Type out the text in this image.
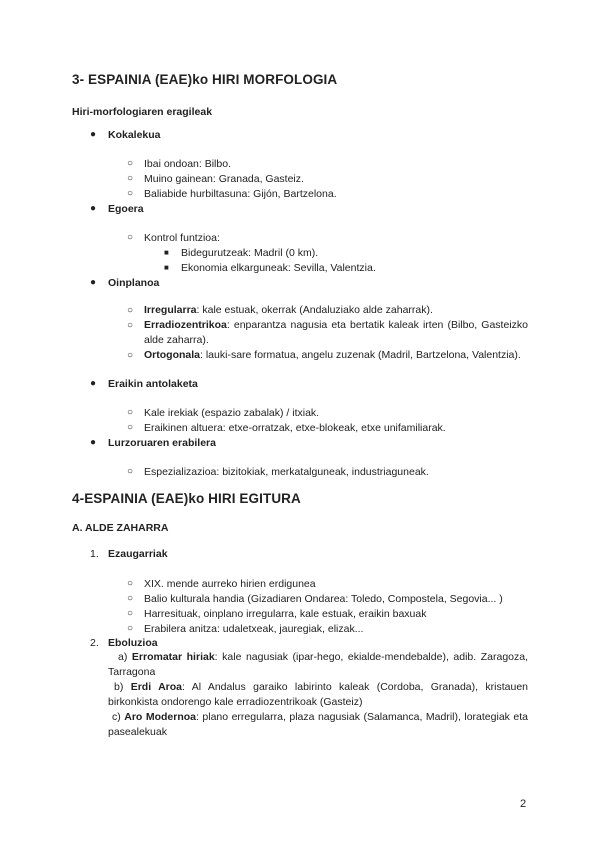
3- ESPAINIA (EAE)ko HIRI MORFOLOGIA
Hiri-morfologiaren eragileak
● Kokalekua
○ Ibai ondoan: Bilbo.
○ Muino gainean: Granada, Gasteiz.
○ Baliabide hurbiltasuna: Gijón, Bartzelona.
● Egoera
○ Kontrol funtzioa:
■ Bidegurutzeak: Madril (0 km).
■ Ekonomia elkarguneak: Sevilla, Valentzia.
● Oinplanoa
○ Irregularra: kale estuak, okerrak (Andaluziako alde zaharrak).
○ Erradiozentrikoa: enparantza nagusia eta bertatik kaleak irten (Bilbo, Gasteizko alde zaharra).
○ Ortogonala: lauki-sare formatua, angelu zuzenak (Madril, Bartzelona, Valentzia).
● Eraikin antolaketa
○ Kale irekiak (espazio zabalak) / itxiak.
○ Eraikinen altuera: etxe-orratzak, etxe-blokeak, etxe unifamiliarak.
● Lurzoruaren erabilera
○ Espezializazioa: bizitokiak, merkatalguneak, industriaguneak.
4-ESPAINIA (EAE)ko HIRI EGITURA
A. ALDE ZAHARRA
1. Ezaugarriak
○ XIX. mende aurreko hirien erdigunea
○ Balio kulturala handia (Gizadiaren Ondarea: Toledo, Compostela, Segovia... )
○ Harresituak, oinplano irregularra, kale estuak, eraikin baxuak
○ Erabilera anitza: udaletxeak, jauregiak, elizak...
2. Eboluzioa
a) Erromatar hiriak: kale nagusiak (ipar-hego, ekialde-mendebalde), adib. Zaragoza, Tarragona
b) Erdi Aroa: Al Andalus garaiko labirinto kaleak (Cordoba, Granada), kristauen birkonkista ondorengo kale erradiozentrikoak (Gasteiz)
c) Aro Modernoa: plano erregularra, plaza nagusiak (Salamanca, Madril), lorategiak eta pasealekuak
2
